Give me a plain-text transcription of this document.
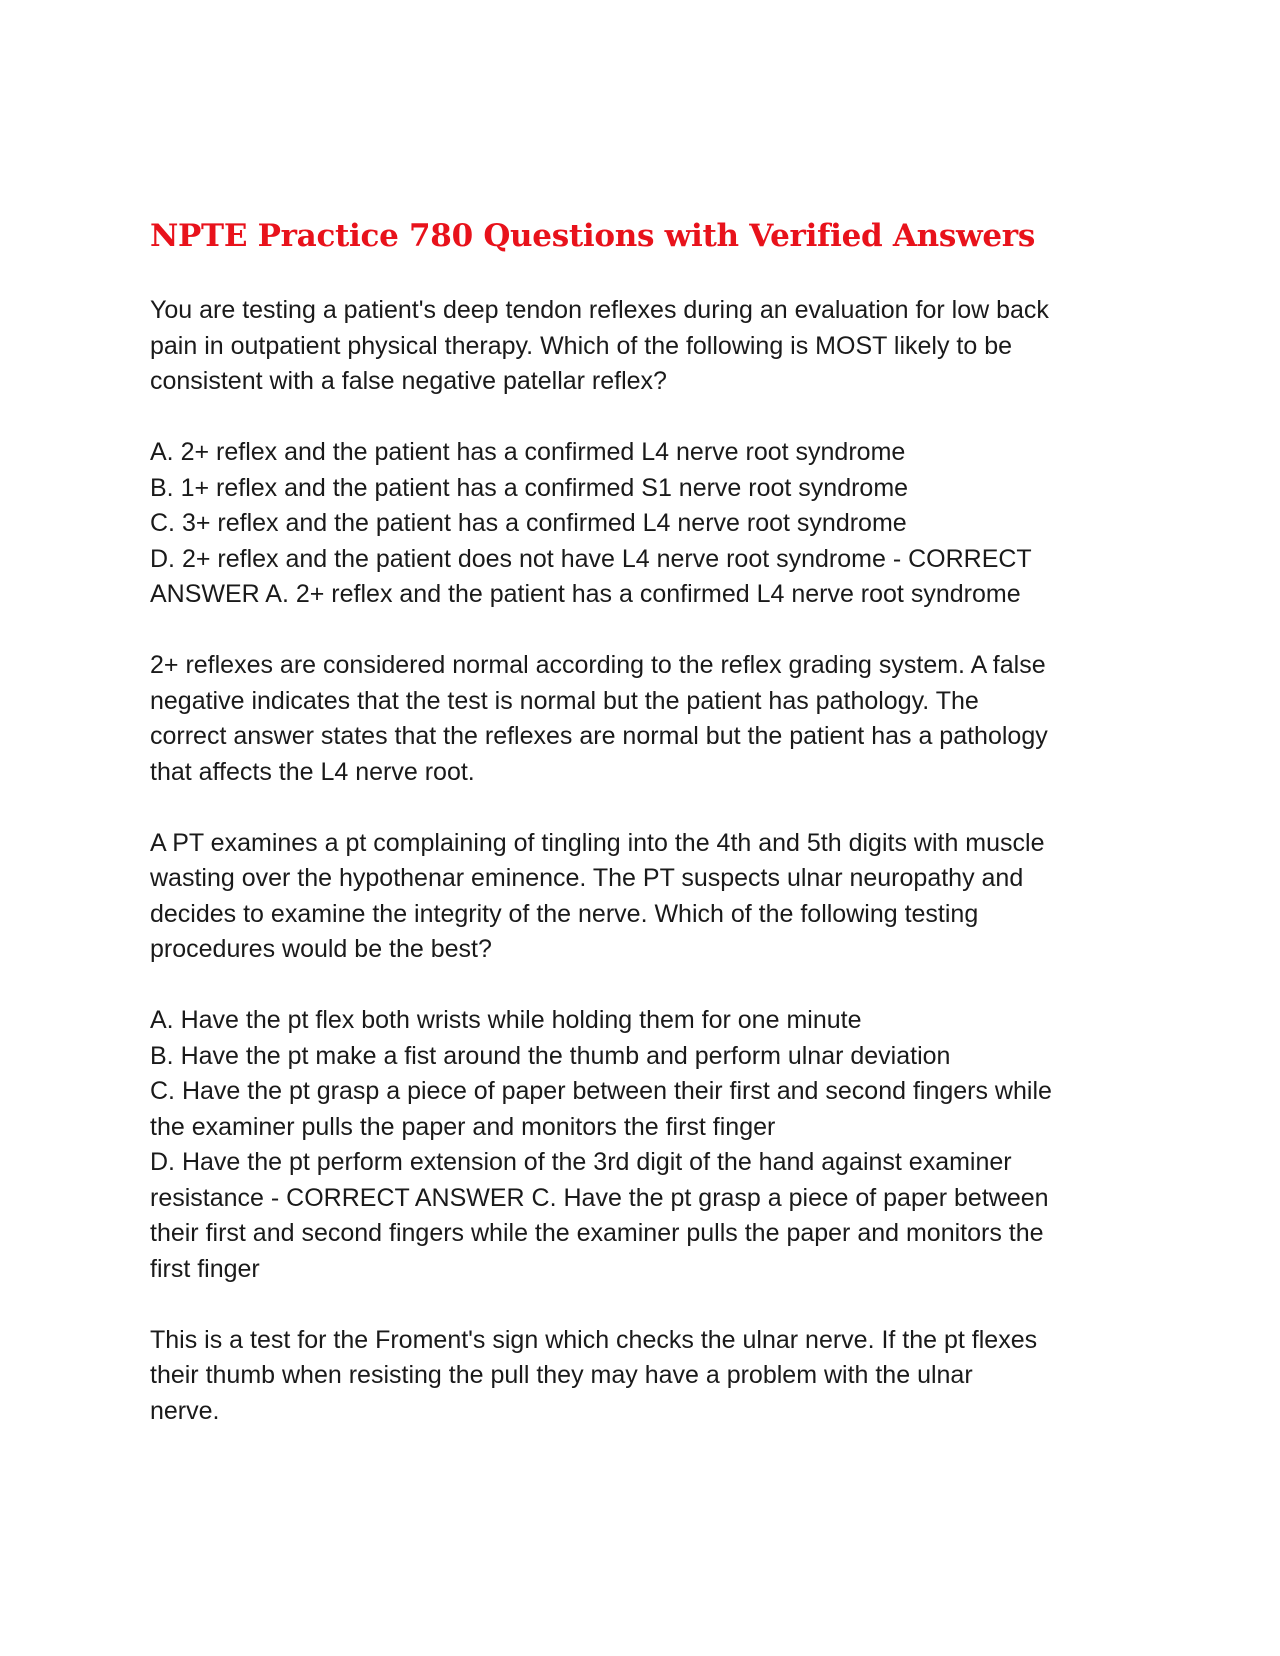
NPTE Practice 780 Questions with Verified Answers

You are testing a patient's deep tendon reflexes during an evaluation for low back
pain in outpatient physical therapy. Which of the following is MOST likely to be
consistent with a false negative patellar reflex?

A. 2+ reflex and the patient has a confirmed L4 nerve root syndrome
B. 1+ reflex and the patient has a confirmed S1 nerve root syndrome
C. 3+ reflex and the patient has a confirmed L4 nerve root syndrome
D. 2+ reflex and the patient does not have L4 nerve root syndrome - CORRECT
ANSWER A. 2+ reflex and the patient has a confirmed L4 nerve root syndrome

2+ reflexes are considered normal according to the reflex grading system. A false
negative indicates that the test is normal but the patient has pathology. The
correct answer states that the reflexes are normal but the patient has a pathology
that affects the L4 nerve root.

A PT examines a pt complaining of tingling into the 4th and 5th digits with muscle
wasting over the hypothenar eminence. The PT suspects ulnar neuropathy and
decides to examine the integrity of the nerve. Which of the following testing
procedures would be the best?

A. Have the pt flex both wrists while holding them for one minute
B. Have the pt make a fist around the thumb and perform ulnar deviation
C. Have the pt grasp a piece of paper between their first and second fingers while
the examiner pulls the paper and monitors the first finger
D. Have the pt perform extension of the 3rd digit of the hand against examiner
resistance - CORRECT ANSWER C. Have the pt grasp a piece of paper between
their first and second fingers while the examiner pulls the paper and monitors the
first finger

This is a test for the Froment's sign which checks the ulnar nerve. If the pt flexes
their thumb when resisting the pull they may have a problem with the ulnar
nerve.
